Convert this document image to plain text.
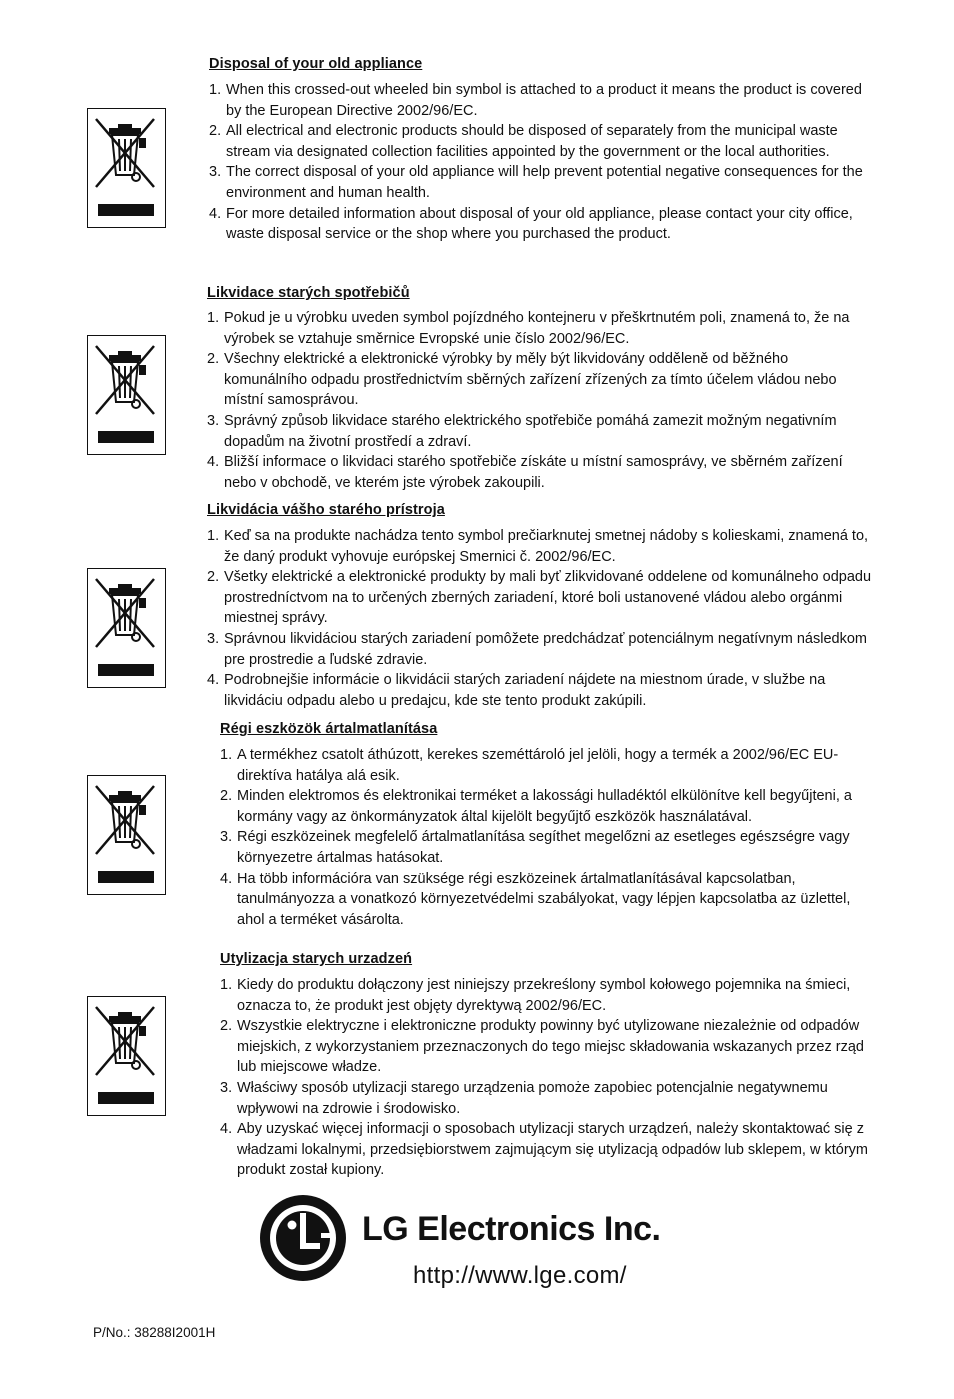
Disposal of your old appliance
1. When this crossed-out wheeled bin symbol is attached to a product it means the product is covered by the European Directive 2002/96/EC.
2. All electrical and electronic products should be disposed of separately from the municipal waste stream via designated collection facilities appointed by the government or the local authorities.
3. The correct disposal of your old appliance will help prevent potential negative consequences for the environment and human health.
4. For more detailed information about disposal of your old appliance, please contact your city office, waste disposal service or the shop where you purchased the product.
Likvidace starých spotřebičů
1. Pokud je u výrobku uveden symbol pojízdného kontejneru v přeškrtnutém poli, znamená to, že na výrobek se vztahuje směrnice Evropské unie číslo 2002/96/EC.
2. Všechny elektrické a elektronické výrobky by měly být likvidovány odděleně od běžného komunálního odpadu prostřednictvím sběrných zařízení zřízených za tímto účelem vládou nebo místní samosprávou.
3. Správný způsob likvidace starého elektrického spotřebiče pomáhá zamezit možným negativním dopadům na životní prostředí a zdraví.
4. Bližší informace o likvidaci starého spotřebiče získáte u místní samosprávy, ve sběrném zařízení nebo v obchodě, ve kterém jste výrobek zakoupili.
Likvidácia vášho starého prístroja
1. Keď sa na produkte nachádza tento symbol prečiarknutej smetnej nádoby s kolieskami, znamená to, že daný produkt vyhovuje európskej Smernici č. 2002/96/EC.
2. Všetky elektrické a elektronické produkty by mali byť zlikvidované oddelene od komunálneho odpadu prostredníctvom na to určených zberných zariadení, ktoré boli ustanovené vládou alebo orgánmi miestnej správy.
3. Správnou likvidáciou starých zariadení pomôžete predchádzať potenciálnym negatívnym následkom pre prostredie a ľudské zdravie.
4. Podrobnejšie informácie o likvidácii starých zariadení nájdete na miestnom úrade, v službe na likvidáciu odpadu alebo u predajcu, kde ste tento produkt zakúpili.
Régi eszközök ártalmatlanítása
1. A termékhez csatolt áthúzott, kerekes szeméttároló jel jelöli, hogy a termék a 2002/96/EC EU-direktíva hatálya alá esik.
2. Minden elektromos és elektronikai terméket a lakossági hulladéktól elkülönítve kell begyűjteni, a kormány vagy az önkormányzatok által kijelölt begyűjtő eszközök használatával.
3. Régi eszközeinek megfelelő ártalmatlanítása segíthet megelőzni az esetleges egészségre vagy környezetre ártalmas hatásokat.
4. Ha több információra van szüksége régi eszközeinek ártalmatlanításával kapcsolatban, tanulmányozza a vonatkozó környezetvédelmi szabályokat, vagy lépjen kapcsolatba az üzlettel, ahol a terméket vásárolta.
Utylizacja starych urzadzeń
1. Kiedy do produktu dołączony jest niniejszy przekreślony symbol kołowego pojemnika na śmieci, oznacza to, że produkt jest objęty dyrektywą 2002/96/EC.
2. Wszystkie elektryczne i elektroniczne produkty powinny być utylizowane niezależnie od odpadów miejskich, z wykorzystaniem przeznaczonych do tego miejsc składowania wskazanych przez rząd lub miejscowe władze.
3. Właściwy sposób utylizacji starego urządzenia pomoże zapobiec potencjalnie negatywnemu wpływowi na zdrowie i środowisko.
4. Aby uzyskać więcej informacji o sposobach utylizacji starych urządzeń, należy skontaktować się z władzami lokalnymi, przedsiębiorstwem zajmującym się utylizacją odpadów lub sklepem, w którym produkt został kupiony.
LG Electronics Inc.
http://www.lge.com/
P/No.: 38288I2001H
